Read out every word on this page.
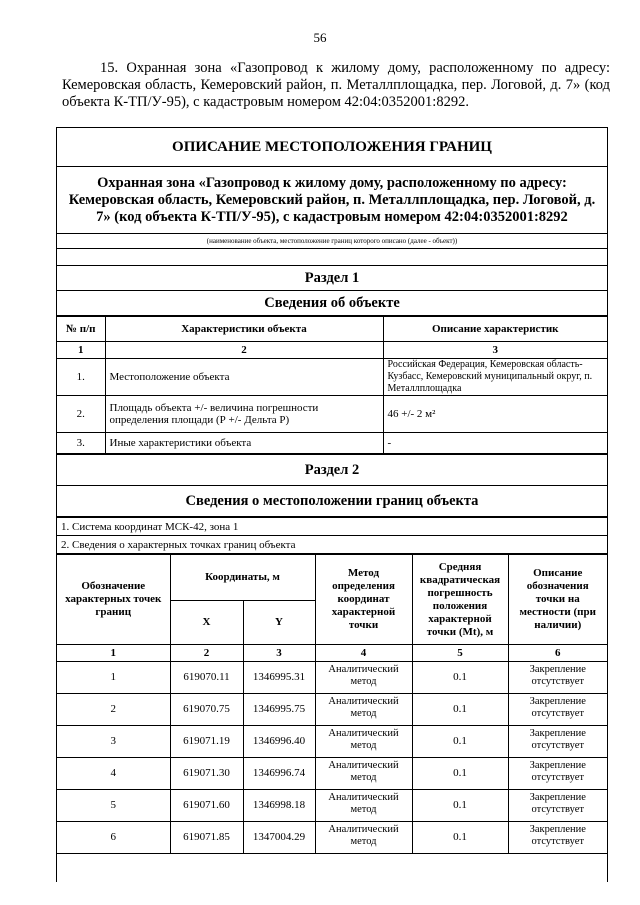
56
15. Охранная зона «Газопровод к жилому дому, расположенному по адресу: Кемеровская область, Кемеровский район, п. Металлплощадка, пер. Логовой, д. 7» (код объекта К-ТП/У-95), с кадастровым номером 42:04:0352001:8292.
ОПИСАНИЕ МЕСТОПОЛОЖЕНИЯ ГРАНИЦ
Охранная зона «Газопровод к жилому дому, расположенному по адресу: Кемеровская область, Кемеровский район, п. Металлплощадка, пер. Логовой, д. 7» (код объекта К-ТП/У-95), с кадастровым номером 42:04:0352001:8292
(наименование объекта, местоположение границ которого описано (далее - объект))

Раздел 1
Сведения об объекте
№ п/п	Характеристики объекта	Описание характеристик
1	2	3
1.	Местоположение объекта	Российская Федерация, Кемеровская область-Кузбасс, Кемеровский муниципальный округ, п. Металлплощадка
2.	Площадь объекта +/- величина погрешности определения площади (Р +/- Дельта Р)	46 +/- 2 м²
3.	Иные характеристики объекта	-
Раздел 2
Сведения о местоположении границ объекта
1. Система координат МСК-42, зона 1
2. Сведения о характерных точках границ объекта
Обозначение характерных точек границ	Координаты, м		Метод определения координат характерной точки	Средняя квадратическая погрешность положения характерной точки (Mt), м	Описание обозначения точки на местности (при наличии)
	X	Y			
1	2	3	4	5	6
1	619070.11	1346995.31	Аналитический метод	0.1	Закрепление отсутствует
2	619070.75	1346995.75	Аналитический метод	0.1	Закрепление отсутствует
3	619071.19	1346996.40	Аналитический метод	0.1	Закрепление отсутствует
4	619071.30	1346996.74	Аналитический метод	0.1	Закрепление отсутствует
5	619071.60	1346998.18	Аналитический метод	0.1	Закрепление отсутствует
6	619071.85	1347004.29	Аналитический метод	0.1	Закрепление отсутствует
